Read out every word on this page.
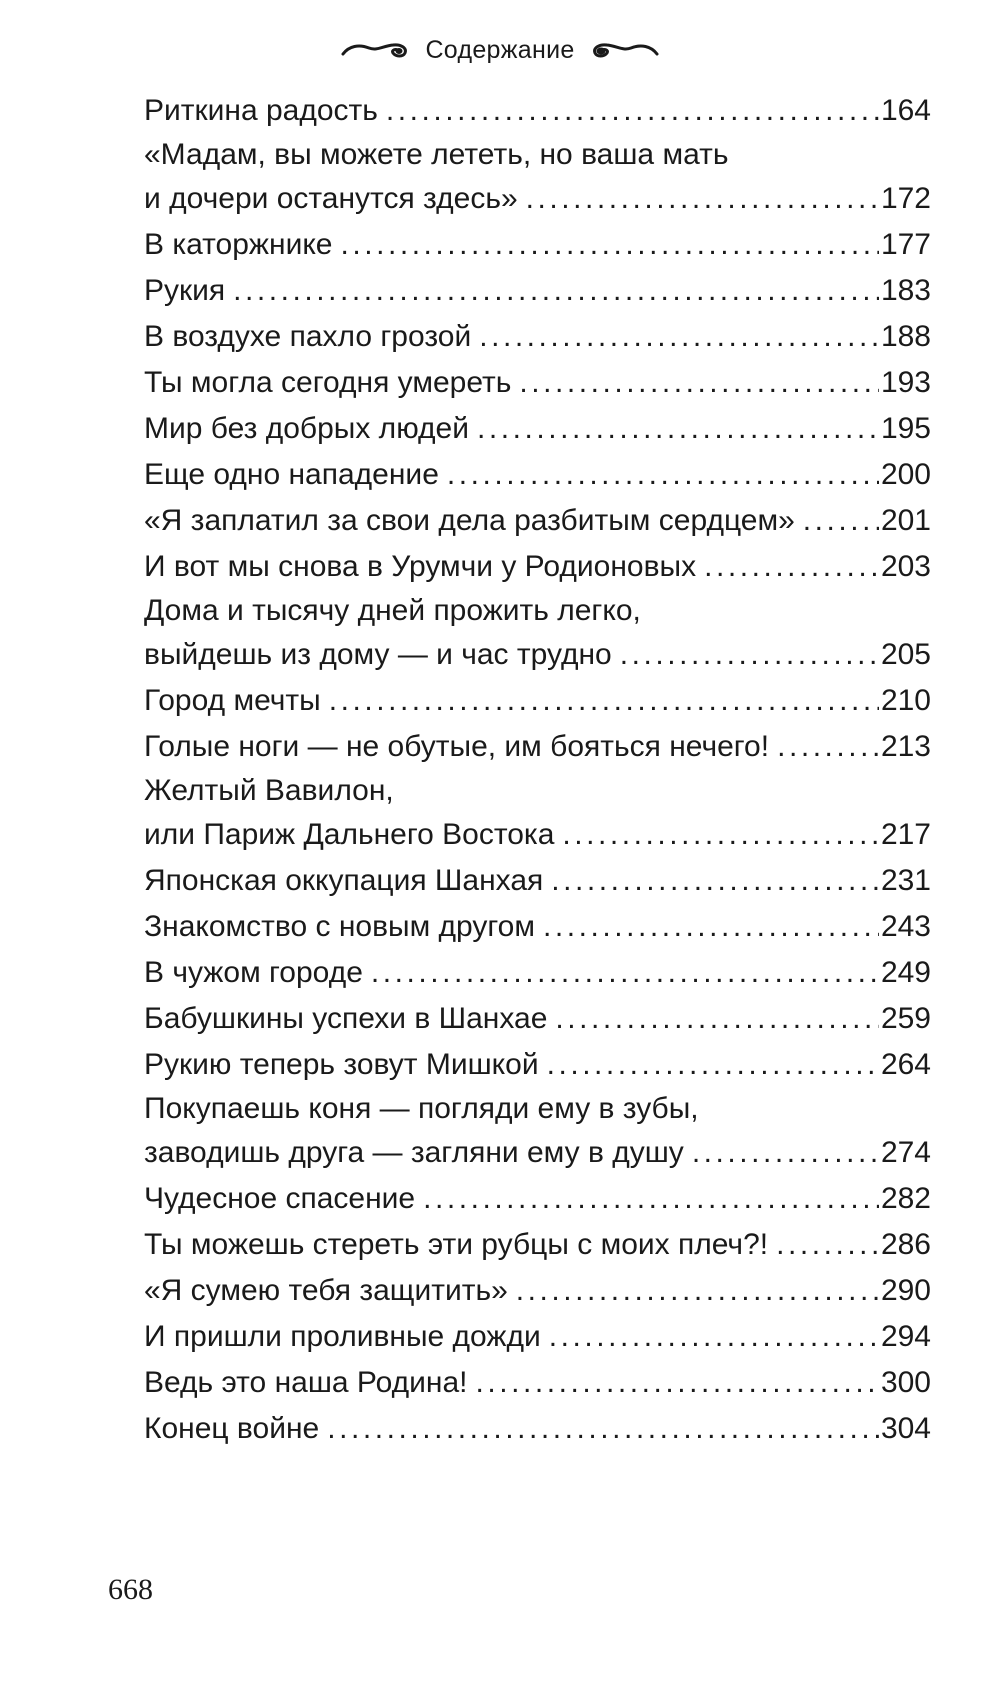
Содержание
Риткина радость . . .	164
«Мадам, вы можете лететь, но ваша мать
и дочери останутся здесь» . . .	172
В каторжнике . . .	177
Рукия . . .	183
В воздухе пахло грозой . . .	188
Ты могла сегодня умереть . . .	193
Мир без добрых людей . . .	195
Еще одно нападение . . .	200
«Я заплатил за свои дела разбитым сердцем» . . .	201
И вот мы снова в Урумчи у Родионовых . . .	203
Дома и тысячу дней прожить легко,
выйдешь из дому — и час трудно . . .	205
Город мечты . . .	210
Голые ноги — не обутые, им бояться нечего! . . .	213
Желтый Вавилон,
или Париж Дальнего Востока . . .	217
Японская оккупация Шанхая . . .	231
Знакомство с новым другом . . .	243
В чужом городе . . .	249
Бабушкины успехи в Шанхае . . .	259
Рукию теперь зовут Мишкой . . .	264
Покупаешь коня — погляди ему в зубы,
заводишь друга — загляни ему в душу . . .	274
Чудесное спасение . . .	282
Ты можешь стереть эти рубцы с моих плеч?! . . .	286
«Я сумею тебя защитить» . . .	290
И пришли проливные дожди . . .	294
Ведь это наша Родина! . . .	300
Конец войне . . .	304
668
